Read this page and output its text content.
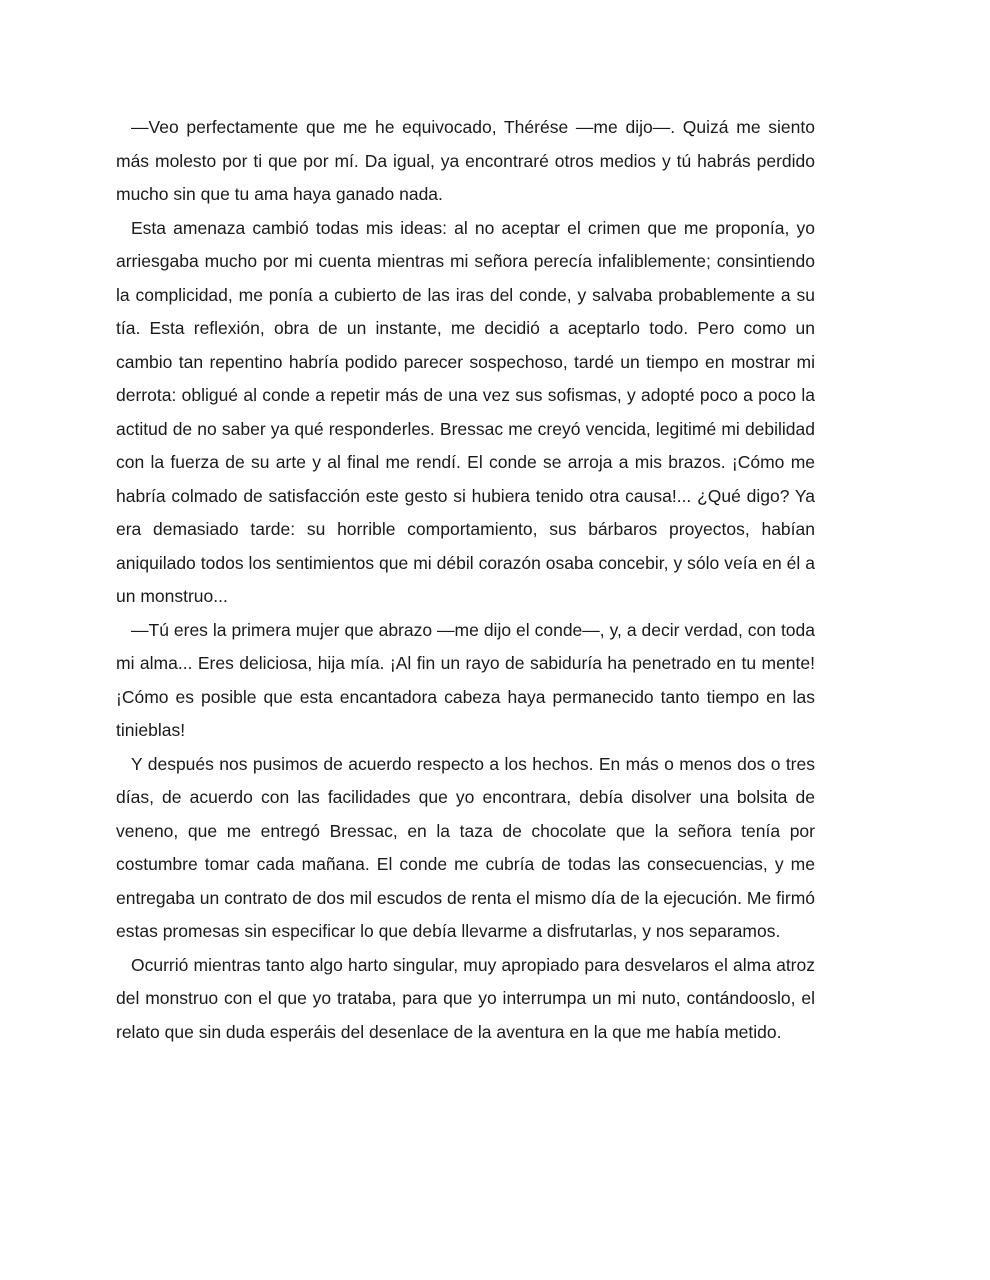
—Veo perfectamente que me he equivocado, Thérése —me dijo—. Quizá me siento más molesto por ti que por mí. Da igual, ya encontraré otros medios y tú habrás perdido mucho sin que tu ama haya ganado nada.

Esta amenaza cambió todas mis ideas: al no aceptar el crimen que me proponía, yo arriesgaba mucho por mi cuenta mientras mi señora perecía infaliblemente; consintiendo la complicidad, me ponía a cubierto de las iras del conde, y salvaba probablemente a su tía. Esta reflexión, obra de un instante, me decidió a aceptarlo todo. Pero como un cambio tan repentino habría podido parecer sospechoso, tardé un tiempo en mostrar mi derrota: obligué al conde a repetir más de una vez sus sofismas, y adopté poco a poco la actitud de no saber ya qué responderles. Bressac me creyó vencida, legitimé mi debilidad con la fuerza de su arte y al final me rendí. El conde se arroja a mis brazos. ¡Cómo me habría colmado de satisfacción este gesto si hubiera tenido otra causa!... ¿Qué digo? Ya era demasiado tarde: su horrible comportamiento, sus bárbaros proyectos, habían aniquilado todos los sentimientos que mi débil corazón osaba concebir, y sólo veía en él a un monstruo...

—Tú eres la primera mujer que abrazo —me dijo el conde—, y, a decir verdad, con toda mi alma... Eres deliciosa, hija mía. ¡Al fin un rayo de sabiduría ha penetrado en tu mente! ¡Cómo es posible que esta encantadora cabeza haya permanecido tanto tiempo en las tinieblas!

Y después nos pusimos de acuerdo respecto a los hechos. En más o menos dos o tres días, de acuerdo con las facilidades que yo encontrara, debía disolver una bolsita de veneno, que me entregó Bressac, en la taza de chocolate que la señora tenía por costumbre tomar cada mañana. El conde me cubría de todas las consecuencias, y me entregaba un contrato de dos mil escudos de renta el mismo día de la ejecución. Me firmó estas promesas sin especificar lo que debía llevarme a disfrutarlas, y nos separamos.

Ocurrió mientras tanto algo harto singular, muy apropiado para desvelaros el alma atroz del monstruo con el que yo trataba, para que yo interrumpa un mi nuto, contándooslo, el relato que sin duda esperáis del desenlace de la aventura en la que me había metido.
